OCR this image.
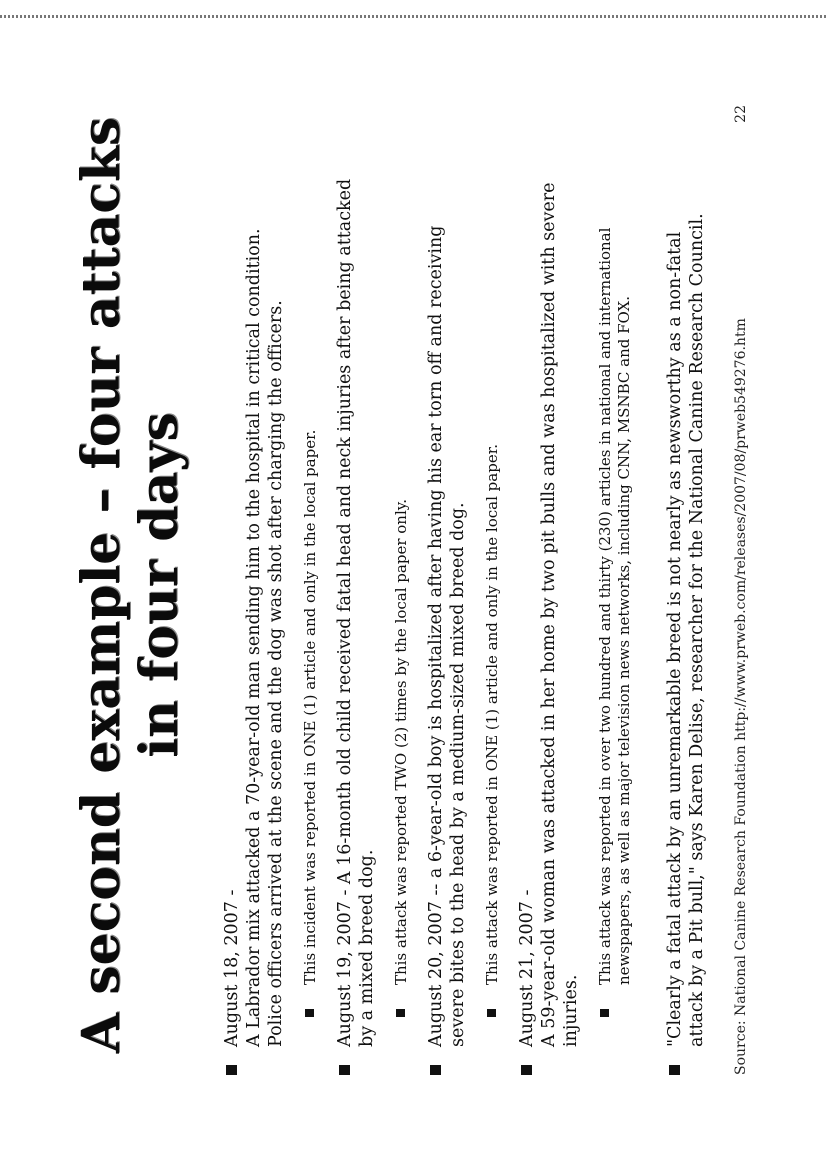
A second example – four attacks in four days
August 18, 2007 - A Labrador mix attacked a 70-year-old man sending him to the hospital in critical condition. Police officers arrived at the scene and the dog was shot after charging the officers. This incident was reported in ONE (1) article and only in the local paper. August 19, 2007 - A 16-month old child received fatal head and neck injuries after being attacked by a mixed breed dog. This attack was reported TWO (2) times by the local paper only. August 20, 2007 -- a 6-year-old boy is hospitalized after having his ear torn off and receiving severe bites to the head by a medium-sized mixed breed dog. This attack was reported in ONE (1) article and only in the local paper. August 21, 2007 - A 59-year-old woman was attacked in her home by two pit bulls and was hospitalized with severe injuries.
This attack was reported in over two hundred and thirty (230) articles in national and international newspapers, as well as major television news networks, including CNN, MSNBC and FOX. "Clearly a fatal attack by an unremarkable breed is not nearly as newsworthy as a non-fatal attack by a Pit bull," says Karen Delise, researcher for the National Canine Research Council. Source: National Canine Research Foundation http://www.prweb.com/releases/2007/08/prweb549276.htm
22
